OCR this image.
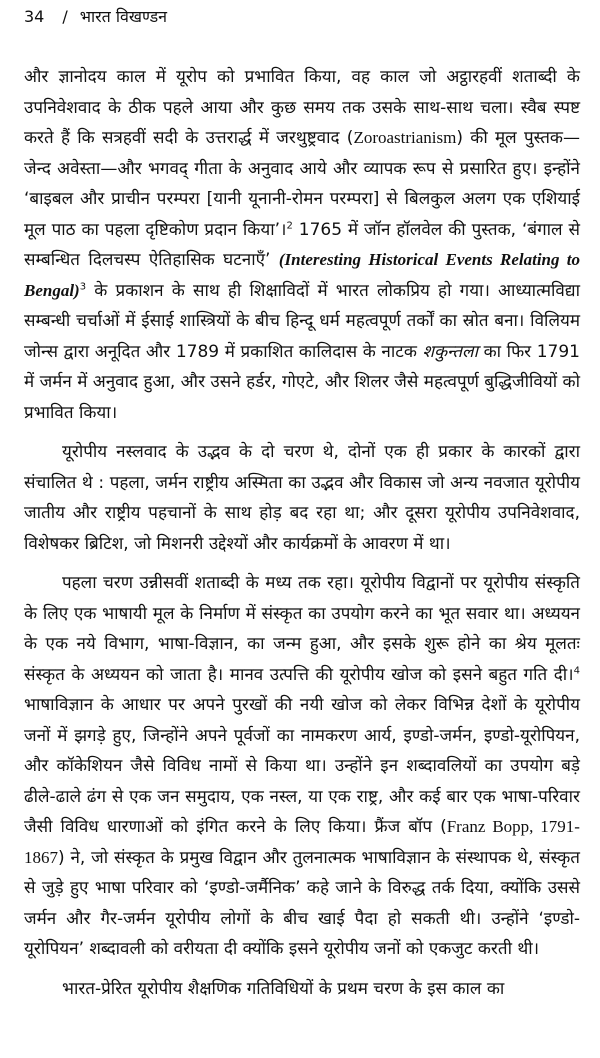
34 / भारत विखण्डन

और ज्ञानोदय काल में यूरोप को प्रभावित किया, वह काल जो अट्ठारहवीं शताब्दी के उपनिवेशवाद के ठीक पहले आया और कुछ समय तक उसके साथ-साथ चला। स्वैब स्पष्ट करते हैं कि सत्रहवीं सदी के उत्तरार्द्ध में जरथुष्ट्रवाद (Zoroastrianism) की मूल पुस्तक—जेन्द अवेस्ता—और भगवद् गीता के अनुवाद आये और व्यापक रूप से प्रसारित हुए। इन्होंने ‘बाइबल और प्राचीन परम्परा [यानी यूनानी-रोमन परम्परा] से बिलकुल अलग एक एशियाई मूल पाठ का पहला दृष्टिकोण प्रदान किया’।$^2$ 1765 में जॉन हॉलवेल की पुस्तक, ‘बंगाल से सम्बन्धित दिलचस्प ऐतिहासिक घटनाएँ’ (Interesting Historical Events Relating to Bengal)$^3$ के प्रकाशन के साथ ही शिक्षाविदों में भारत लोकप्रिय हो गया। आध्यात्मविद्या सम्बन्धी चर्चाओं में ईसाई शास्त्रियों के बीच हिन्दू धर्म महत्वपूर्ण तर्कों का स्रोत बना। विलियम जोन्स द्वारा अनूदित और 1789 में प्रकाशित कालिदास के नाटक शकुन्तला का फिर 1791 में जर्मन में अनुवाद हुआ, और उसने हर्डर, गोएटे, और शिलर जैसे महत्वपूर्ण बुद्धिजीवियों को प्रभावित किया।

यूरोपीय नस्लवाद के उद्भव के दो चरण थे, दोनों एक ही प्रकार के कारकों द्वारा संचालित थे : पहला, जर्मन राष्ट्रीय अस्मिता का उद्भव और विकास जो अन्य नवजात यूरोपीय जातीय और राष्ट्रीय पहचानों के साथ होड़ बद रहा था; और दूसरा यूरोपीय उपनिवेशवाद, विशेषकर ब्रिटिश, जो मिशनरी उद्देश्यों और कार्यक्रमों के आवरण में था।

पहला चरण उन्नीसवीं शताब्दी के मध्य तक रहा। यूरोपीय विद्वानों पर यूरोपीय संस्कृति के लिए एक भाषायी मूल के निर्माण में संस्कृत का उपयोग करने का भूत सवार था। अध्ययन के एक नये विभाग, भाषा-विज्ञान, का जन्म हुआ, और इसके शुरू होने का श्रेय मूलतः संस्कृत के अध्ययन को जाता है। मानव उत्पत्ति की यूरोपीय खोज को इसने बहुत गति दी।$^4$ भाषाविज्ञान के आधार पर अपने पुरखों की नयी खोज को लेकर विभिन्न देशों के यूरोपीय जनों में झगड़े हुए, जिन्होंने अपने पूर्वजों का नामकरण आर्य, इण्डो-जर्मन, इण्डो-यूरोपियन, और कॉकेशियन जैसे विविध नामों से किया था। उन्होंने इन शब्दावलियों का उपयोग बड़े ढीले-ढाले ढंग से एक जन समुदाय, एक नस्ल, या एक राष्ट्र, और कई बार एक भाषा-परिवार जैसी विविध धारणाओं को इंगित करने के लिए किया। फ्रैंज बॉप (Franz Bopp, 1791-1867) ने, जो संस्कृत के प्रमुख विद्वान और तुलनात्मक भाषाविज्ञान के संस्थापक थे, संस्कृत से जुड़े हुए भाषा परिवार को ‘इण्डो-जर्मैनिक’ कहे जाने के विरुद्ध तर्क दिया, क्योंकि उससे जर्मन और गैर-जर्मन यूरोपीय लोगों के बीच खाई पैदा हो सकती थी। उन्होंने ‘इण्डो-यूरोपियन’ शब्दावली को वरीयता दी क्योंकि इसने यूरोपीय जनों को एकजुट करती थी।

भारत-प्रेरित यूरोपीय शैक्षणिक गतिविधियों के प्रथम चरण के इस काल का
